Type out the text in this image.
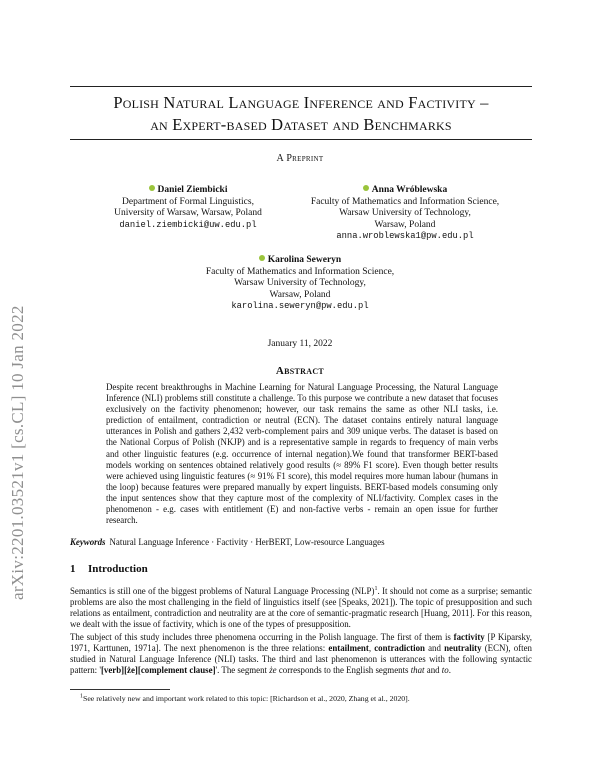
arXiv:2201.03521v1 [cs.CL] 10 Jan 2022
Polish Natural Language Inference and Factivity –
an Expert-based Dataset and Benchmarks
A Preprint
Daniel Ziembicki
Department of Formal Linguistics,
University of Warsaw, Warsaw, Poland
daniel.ziembicki@uw.edu.pl
Anna Wróblewska
Faculty of Mathematics and Information Science,
Warsaw University of Technology,
Warsaw, Poland
anna.wroblewska1@pw.edu.pl
Karolina Seweryn
Faculty of Mathematics and Information Science,
Warsaw University of Technology,
Warsaw, Poland
karolina.seweryn@pw.edu.pl
January 11, 2022
Abstract
Despite recent breakthroughs in Machine Learning for Natural Language Processing, the Natural Language Inference (NLI) problems still constitute a challenge. To this purpose we contribute a new dataset that focuses exclusively on the factivity phenomenon; however, our task remains the same as other NLI tasks, i.e. prediction of entailment, contradiction or neutral (ECN). The dataset contains entirely natural language utterances in Polish and gathers 2,432 verb-complement pairs and 309 unique verbs. The dataset is based on the National Corpus of Polish (NKJP) and is a representative sample in regards to frequency of main verbs and other linguistic features (e.g. occurrence of internal negation).We found that transformer BERT-based models working on sentences obtained relatively good results (≈ 89% F1 score). Even though better results were achieved using linguistic features (≈ 91% F1 score), this model requires more human labour (humans in the loop) because features were prepared manually by expert linguists. BERT-based models consuming only the input sentences show that they capture most of the complexity of NLI/factivity. Complex cases in the phenomenon - e.g. cases with entitlement (E) and non-factive verbs - remain an open issue for further research.
Keywords Natural Language Inference · Factivity · HerBERT, Low-resource Languages
1 Introduction
Semantics is still one of the biggest problems of Natural Language Processing (NLP)$^1$. It should not come as a surprise; semantic problems are also the most challenging in the field of linguistics itself (see [Speaks, 2021]). The topic of presupposition and such relations as entailment, contradiction and neutrality are at the core of semantic-pragmatic research [Huang, 2011]. For this reason, we dealt with the issue of factivity, which is one of the types of presupposition.
The subject of this study includes three phenomena occurring in the Polish language. The first of them is factivity [P Kiparsky, 1971, Karttunen, 1971a]. The next phenomenon is the three relations: entailment, contradiction and neutrality (ECN), often studied in Natural Language Inference (NLI) tasks. The third and last phenomenon is utterances with the following syntactic pattern: '[verb][że][complement clause]'. The segment że corresponds to the English segments that and to.
$^1$See relatively new and important work related to this topic: [Richardson et al., 2020, Zhang et al., 2020].
